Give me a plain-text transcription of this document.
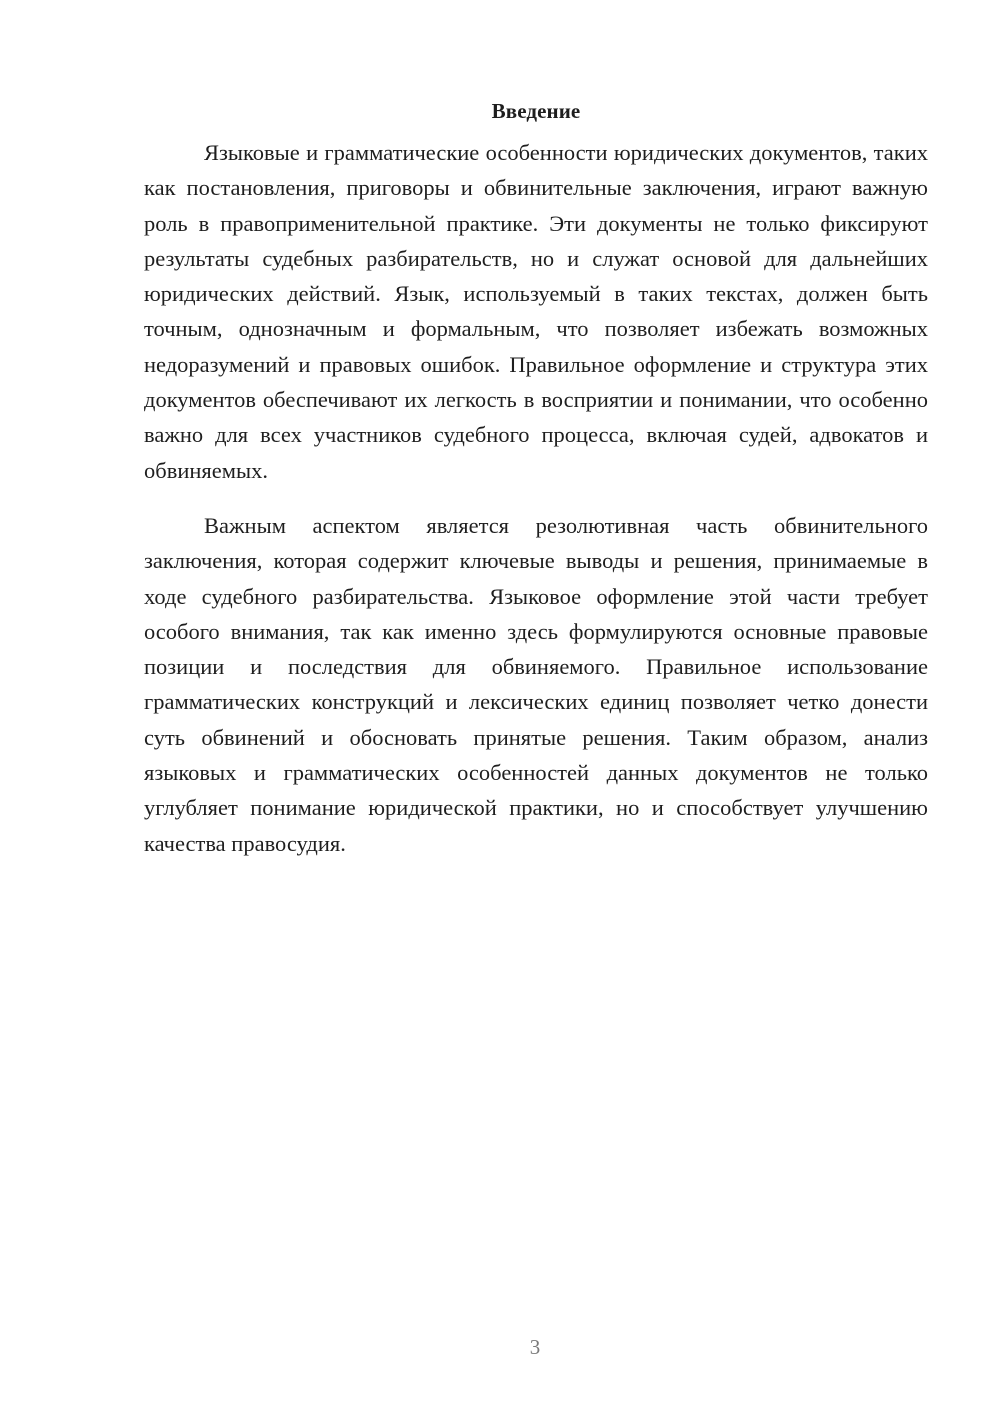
Введение

Языковые и грамматические особенности юридических документов, таких как постановления, приговоры и обвинительные заключения, играют важную роль в правоприменительной практике. Эти документы не только фиксируют результаты судебных разбирательств, но и служат основой для дальнейших юридических действий. Язык, используемый в таких текстах, должен быть точным, однозначным и формальным, что позволяет избежать возможных недоразумений и правовых ошибок. Правильное оформление и структура этих документов обеспечивают их легкость в восприятии и понимании, что особенно важно для всех участников судебного процесса, включая судей, адвокатов и обвиняемых.

Важным аспектом является резолютивная часть обвинительного заключения, которая содержит ключевые выводы и решения, принимаемые в ходе судебного разбирательства. Языковое оформление этой части требует особого внимания, так как именно здесь формулируются основные правовые позиции и последствия для обвиняемого. Правильное использование грамматических конструкций и лексических единиц позволяет четко донести суть обвинений и обосновать принятые решения. Таким образом, анализ языковых и грамматических особенностей данных документов не только углубляет понимание юридической практики, но и способствует улучшению качества правосудия.

3
